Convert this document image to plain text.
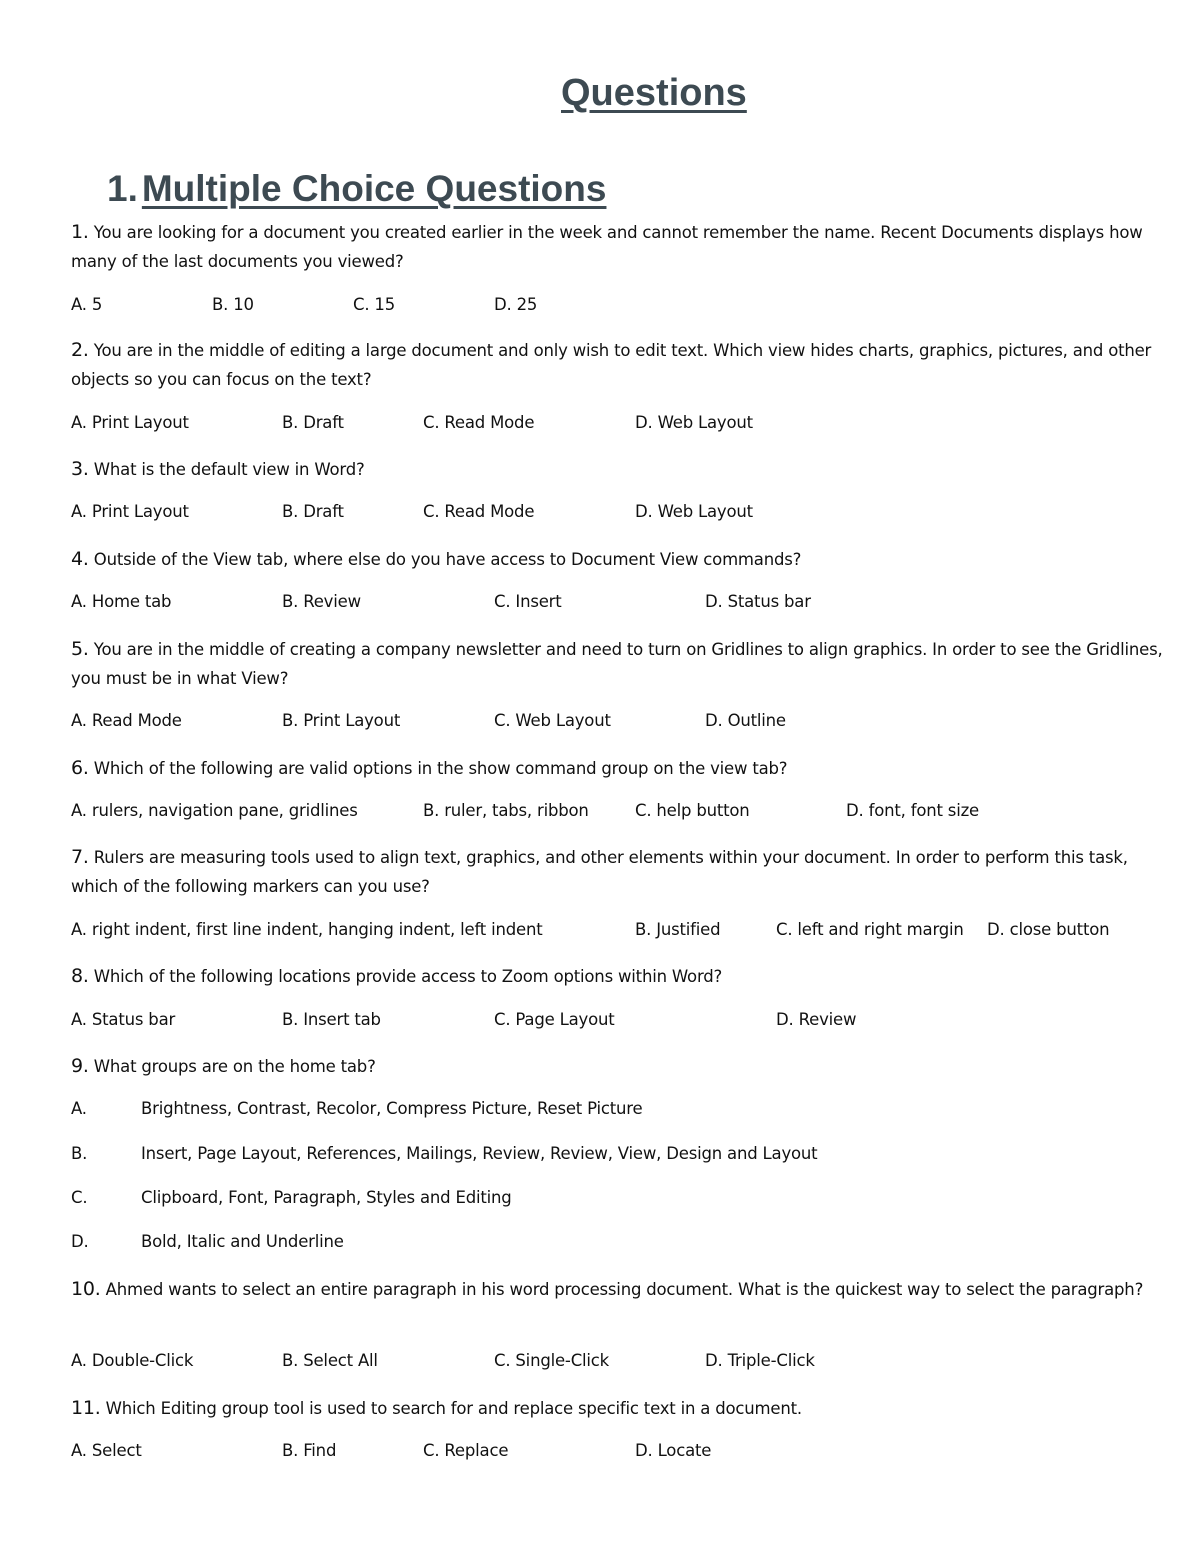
Questions
1. Multiple Choice Questions

1. You are looking for a document you created earlier in the week and cannot remember the name. Recent Documents displays how many of the last documents you viewed?

A. 5	B. 10	C. 15	D. 25

2. You are in the middle of editing a large document and only wish to edit text. Which view hides charts, graphics, pictures, and other objects so you can focus on the text?

A. Print Layout	B. Draft	C. Read Mode	D. Web Layout

3. What is the default view in Word?

A. Print Layout	B. Draft	C. Read Mode	D. Web Layout

4. Outside of the View tab, where else do you have access to Document View commands?

A. Home tab	B. Review	C. Insert	D. Status bar

5. You are in the middle of creating a company newsletter and need to turn on Gridlines to align graphics. In order to see the Gridlines, you must be in what View?

A. Read Mode	B. Print Layout	C. Web Layout	D. Outline

6. Which of the following are valid options in the show command group on the view tab?

A. rulers, navigation pane, gridlines	B. ruler, tabs, ribbon	C. help button	D. font, font size

7. Rulers are measuring tools used to align text, graphics, and other elements within your document. In order to perform this task, which of the following markers can you use?

A. right indent, first line indent, hanging indent, left indent	B. Justified	C. left and right margin D. close button

8. Which of the following locations provide access to Zoom options within Word?

A. Status bar	B. Insert tab	C. Page Layout	D. Review

9. What groups are on the home tab?

A.	Brightness, Contrast, Recolor, Compress Picture, Reset Picture
B.	Insert, Page Layout, References, Mailings, Review, Review, View, Design and Layout
C.	Clipboard, Font, Paragraph, Styles and Editing
D.	Bold, Italic and Underline

10. Ahmed wants to select an entire paragraph in his word processing document. What is the quickest way to select the paragraph?

A. Double-Click	B. Select All	C. Single-Click	D. Triple-Click

11. Which Editing group tool is used to search for and replace specific text in a document.

A. Select	B. Find	C. Replace	D. Locate
